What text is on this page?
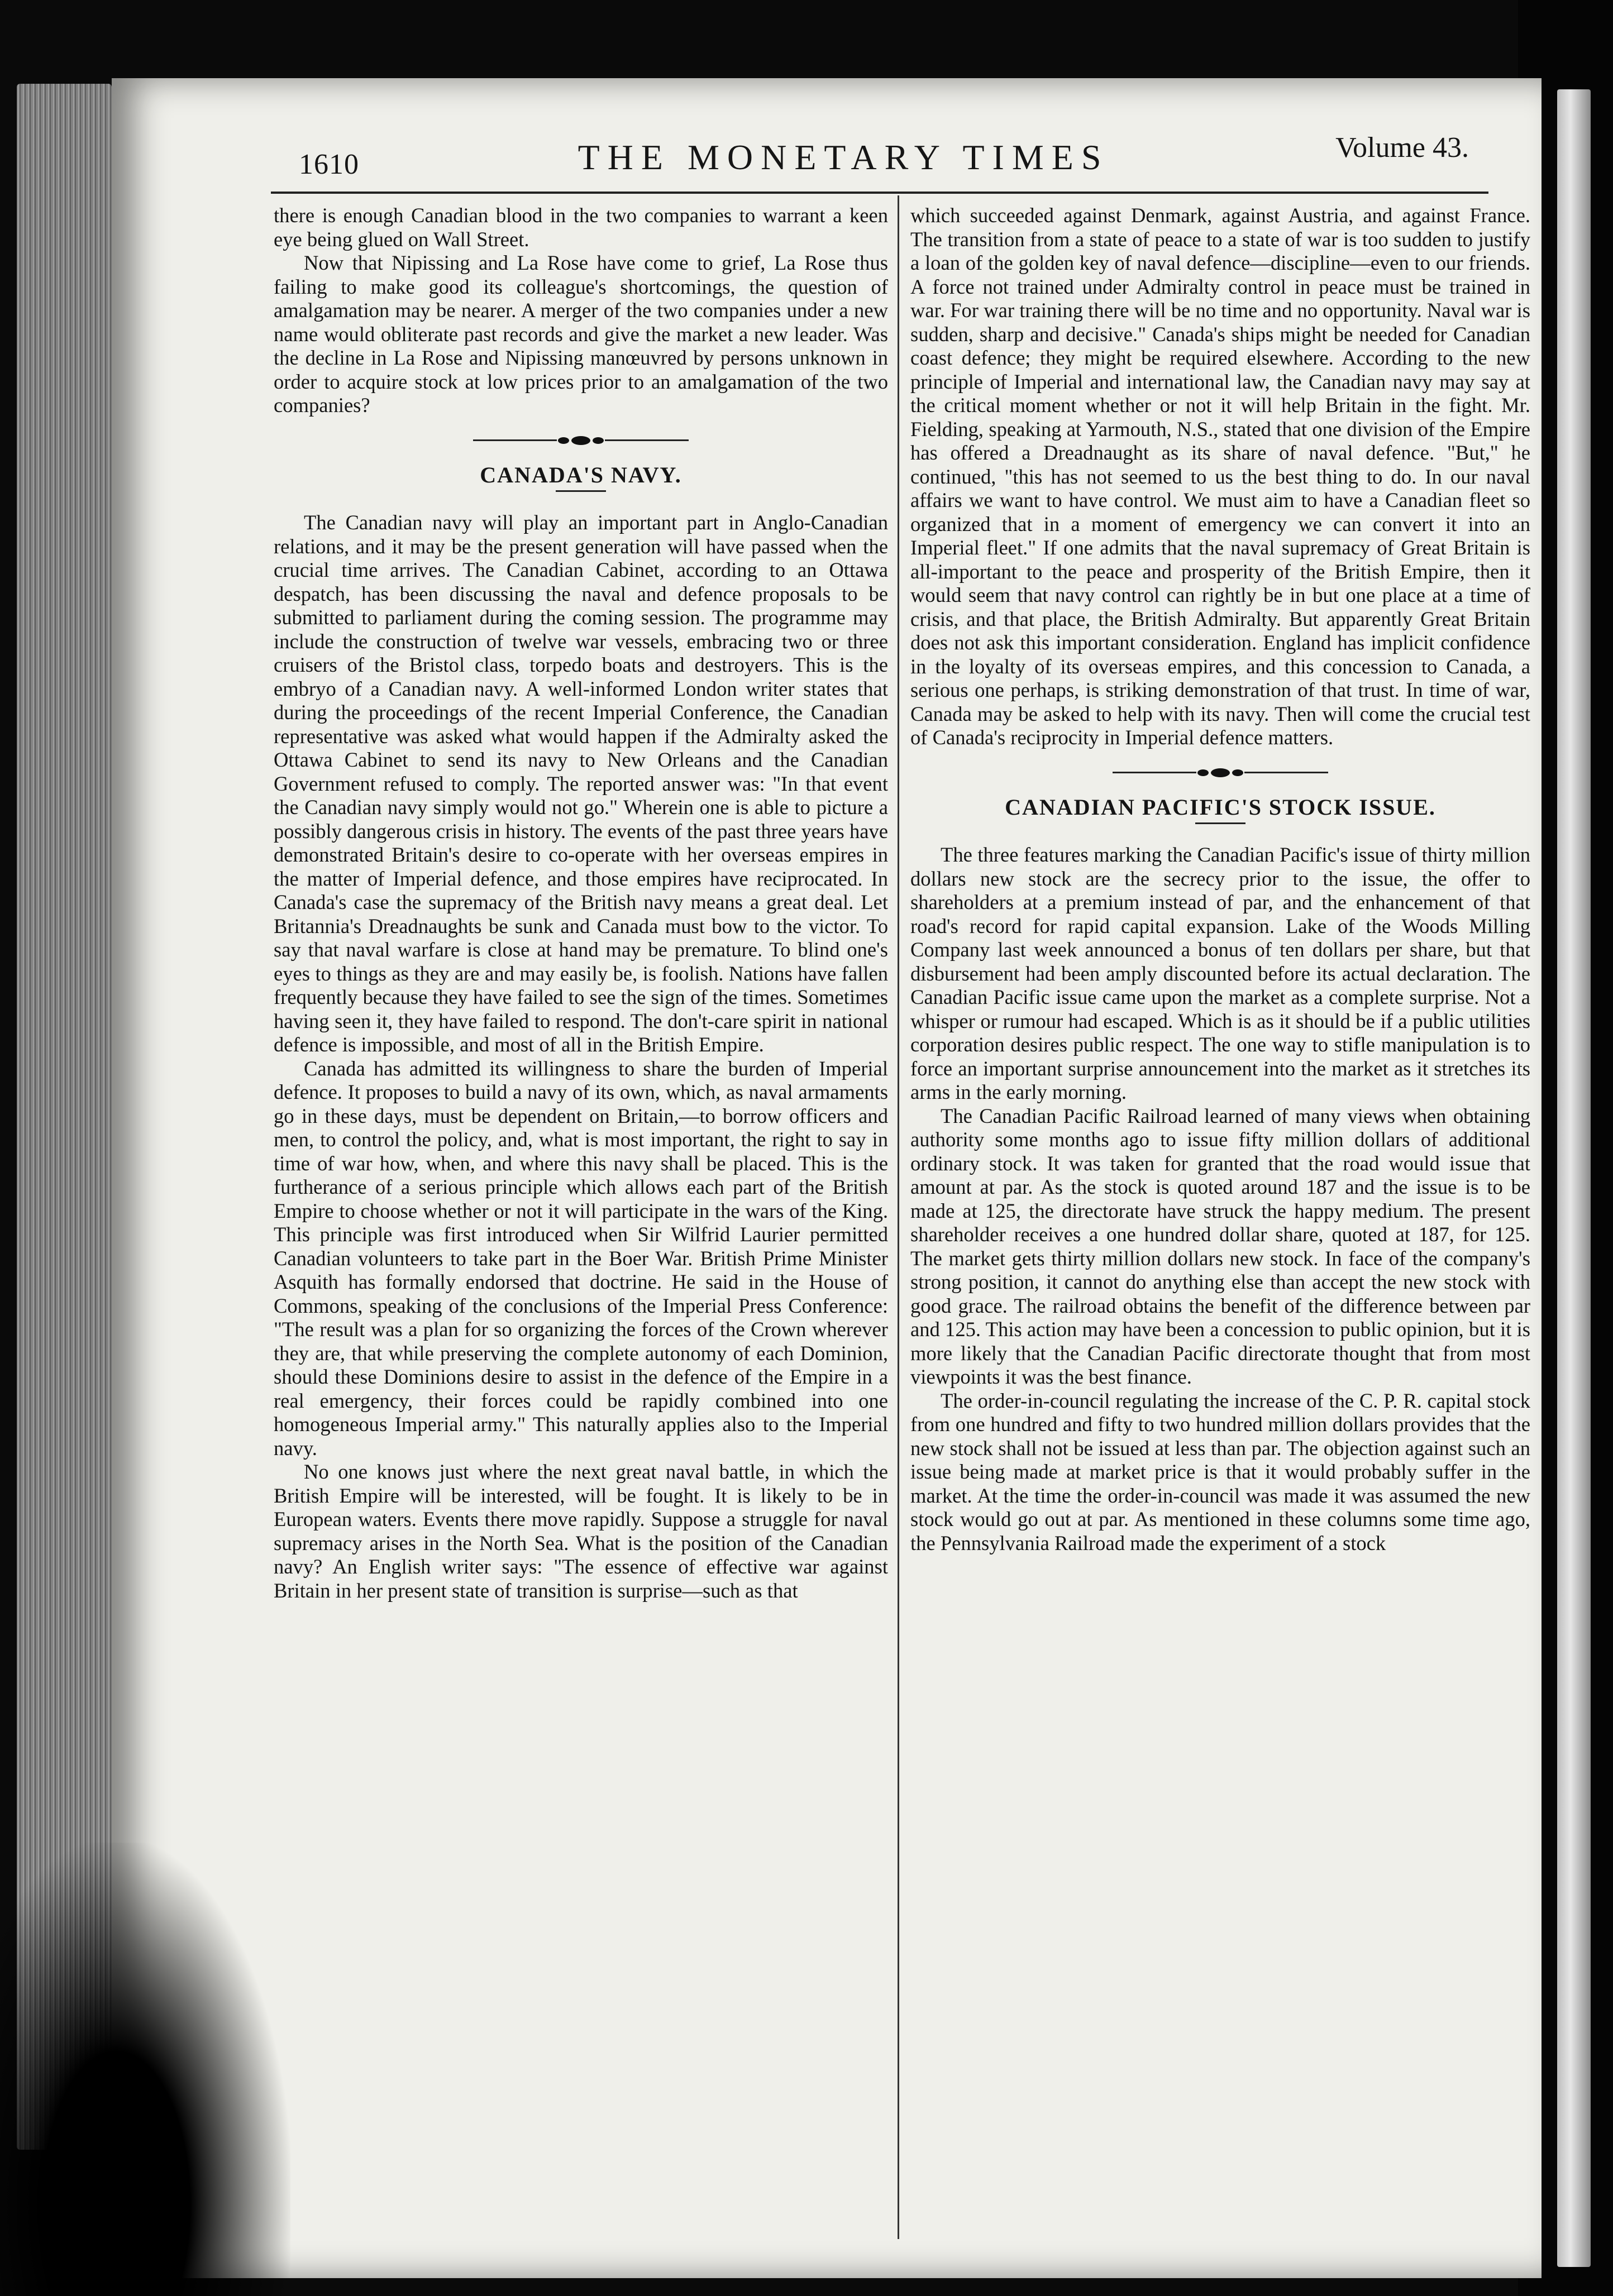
1610	THE MONETARY TIMES	Volume 43.

there is enough Canadian blood in the two companies to warrant a keen eye being glued on Wall Street.

Now that Nipissing and La Rose have come to grief, La Rose thus failing to make good its colleague's shortcomings, the question of amalgamation may be nearer. A merger of the two companies under a new name would obliterate past records and give the market a new leader. Was the decline in La Rose and Nipissing manœuvred by persons unknown in order to acquire stock at low prices prior to an amalgamation of the two companies?

CANADA'S NAVY.

The Canadian navy will play an important part in Anglo-Canadian relations, and it may be the present generation will have passed when the crucial time arrives. The Canadian Cabinet, according to an Ottawa despatch, has been discussing the naval and defence proposals to be submitted to parliament during the coming session. The programme may include the construction of twelve war vessels, embracing two or three cruisers of the Bristol class, torpedo boats and destroyers. This is the embryo of a Canadian navy. A well-informed London writer states that during the proceedings of the recent Imperial Conference, the Canadian representative was asked what would happen if the Admiralty asked the Ottawa Cabinet to send its navy to New Orleans and the Canadian Government refused to comply. The reported answer was: "In that event the Canadian navy simply would not go." Wherein one is able to picture a possibly dangerous crisis in history. The events of the past three years have demonstrated Britain's desire to co-operate with her overseas empires in the matter of Imperial defence, and those empires have reciprocated. In Canada's case the supremacy of the British navy means a great deal. Let Britannia's Dreadnaughts be sunk and Canada must bow to the victor. To say that naval warfare is close at hand may be premature. To blind one's eyes to things as they are and may easily be, is foolish. Nations have fallen frequently because they have failed to see the sign of the times. Sometimes having seen it, they have failed to respond. The don't-care spirit in national defence is impossible, and most of all in the British Empire.

Canada has admitted its willingness to share the burden of Imperial defence. It proposes to build a navy of its own, which, as naval armaments go in these days, must be dependent on Britain,—to borrow officers and men, to control the policy, and, what is most important, the right to say in time of war how, when, and where this navy shall be placed. This is the furtherance of a serious principle which allows each part of the British Empire to choose whether or not it will participate in the wars of the King. This principle was first introduced when Sir Wilfrid Laurier permitted Canadian volunteers to take part in the Boer War. British Prime Minister Asquith has formally endorsed that doctrine. He said in the House of Commons, speaking of the conclusions of the Imperial Press Conference: "The result was a plan for so organizing the forces of the Crown wherever they are, that while preserving the complete autonomy of each Dominion, should these Dominions desire to assist in the defence of the Empire in a real emergency, their forces could be rapidly combined into one homogeneous Imperial army." This naturally applies also to the Imperial navy.

No one knows just where the next great naval battle, in which the British Empire will be interested, will be fought. It is likely to be in European waters. Events there move rapidly. Suppose a struggle for naval supremacy arises in the North Sea. What is the position of the Canadian navy? An English writer says: "The essence of effective war against Britain in her present state of transition is surprise—such as that

which succeeded against Denmark, against Austria, and against France. The transition from a state of peace to a state of war is too sudden to justify a loan of the golden key of naval defence—discipline—even to our friends. A force not trained under Admiralty control in peace must be trained in war. For war training there will be no time and no opportunity. Naval war is sudden, sharp and decisive." Canada's ships might be needed for Canadian coast defence; they might be required elsewhere. According to the new principle of Imperial and international law, the Canadian navy may say at the critical moment whether or not it will help Britain in the fight. Mr. Fielding, speaking at Yarmouth, N.S., stated that one division of the Empire has offered a Dreadnaught as its share of naval defence. "But," he continued, "this has not seemed to us the best thing to do. In our naval affairs we want to have control. We must aim to have a Canadian fleet so organized that in a moment of emergency we can convert it into an Imperial fleet." If one admits that the naval supremacy of Great Britain is all-important to the peace and prosperity of the British Empire, then it would seem that navy control can rightly be in but one place at a time of crisis, and that place, the British Admiralty. But apparently Great Britain does not ask this important consideration. England has implicit confidence in the loyalty of its overseas empires, and this concession to Canada, a serious one perhaps, is striking demonstration of that trust. In time of war, Canada may be asked to help with its navy. Then will come the crucial test of Canada's reciprocity in Imperial defence matters.

CANADIAN PACIFIC'S STOCK ISSUE.

The three features marking the Canadian Pacific's issue of thirty million dollars new stock are the secrecy prior to the issue, the offer to shareholders at a premium instead of par, and the enhancement of that road's record for rapid capital expansion. Lake of the Woods Milling Company last week announced a bonus of ten dollars per share, but that disbursement had been amply discounted before its actual declaration. The Canadian Pacific issue came upon the market as a complete surprise. Not a whisper or rumour had escaped. Which is as it should be if a public utilities corporation desires public respect. The one way to stifle manipulation is to force an important surprise announcement into the market as it stretches its arms in the early morning.

The Canadian Pacific Railroad learned of many views when obtaining authority some months ago to issue fifty million dollars of additional ordinary stock. It was taken for granted that the road would issue that amount at par. As the stock is quoted around 187 and the issue is to be made at 125, the directorate have struck the happy medium. The present shareholder receives a one hundred dollar share, quoted at 187, for 125. The market gets thirty million dollars new stock. In face of the company's strong position, it cannot do anything else than accept the new stock with good grace. The railroad obtains the benefit of the difference between par and 125. This action may have been a concession to public opinion, but it is more likely that the Canadian Pacific directorate thought that from most viewpoints it was the best finance.

The order-in-council regulating the increase of the C. P. R. capital stock from one hundred and fifty to two hundred million dollars provides that the new stock shall not be issued at less than par. The objection against such an issue being made at market price is that it would probably suffer in the market. At the time the order-in-council was made it was assumed the new stock would go out at par. As mentioned in these columns some time ago, the Pennsylvania Railroad made the experiment of a stock
